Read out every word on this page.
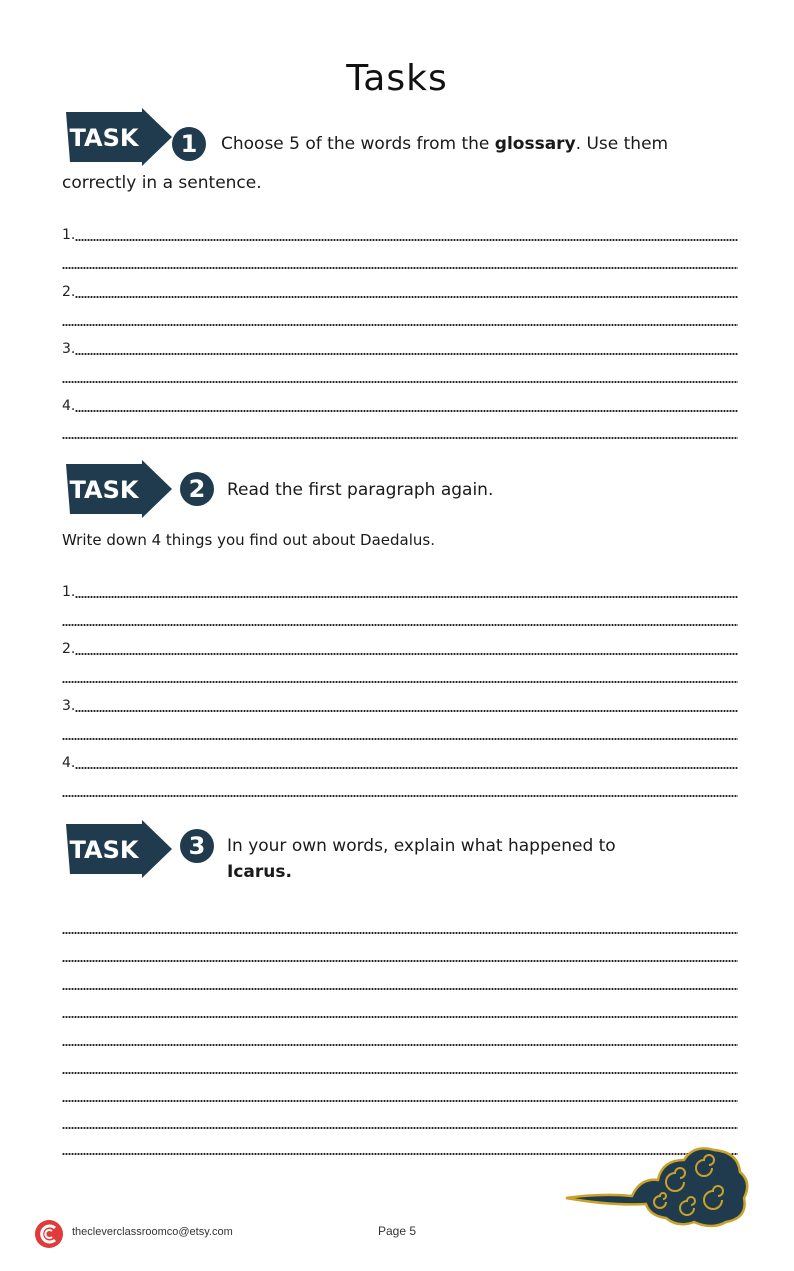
Tasks
TASK	1	Choose 5 of the words from the glossary. Use them
correctly in a sentence.
1.
2.
3.
4.
TASK	2	Read the first paragraph again.
Write down 4 things you find out about Daedalus.
1.
2.
3.
4.
TASK	3	In your own words, explain what happened to
Icarus.
thecleverclassroomco@etsy.com	Page 5
